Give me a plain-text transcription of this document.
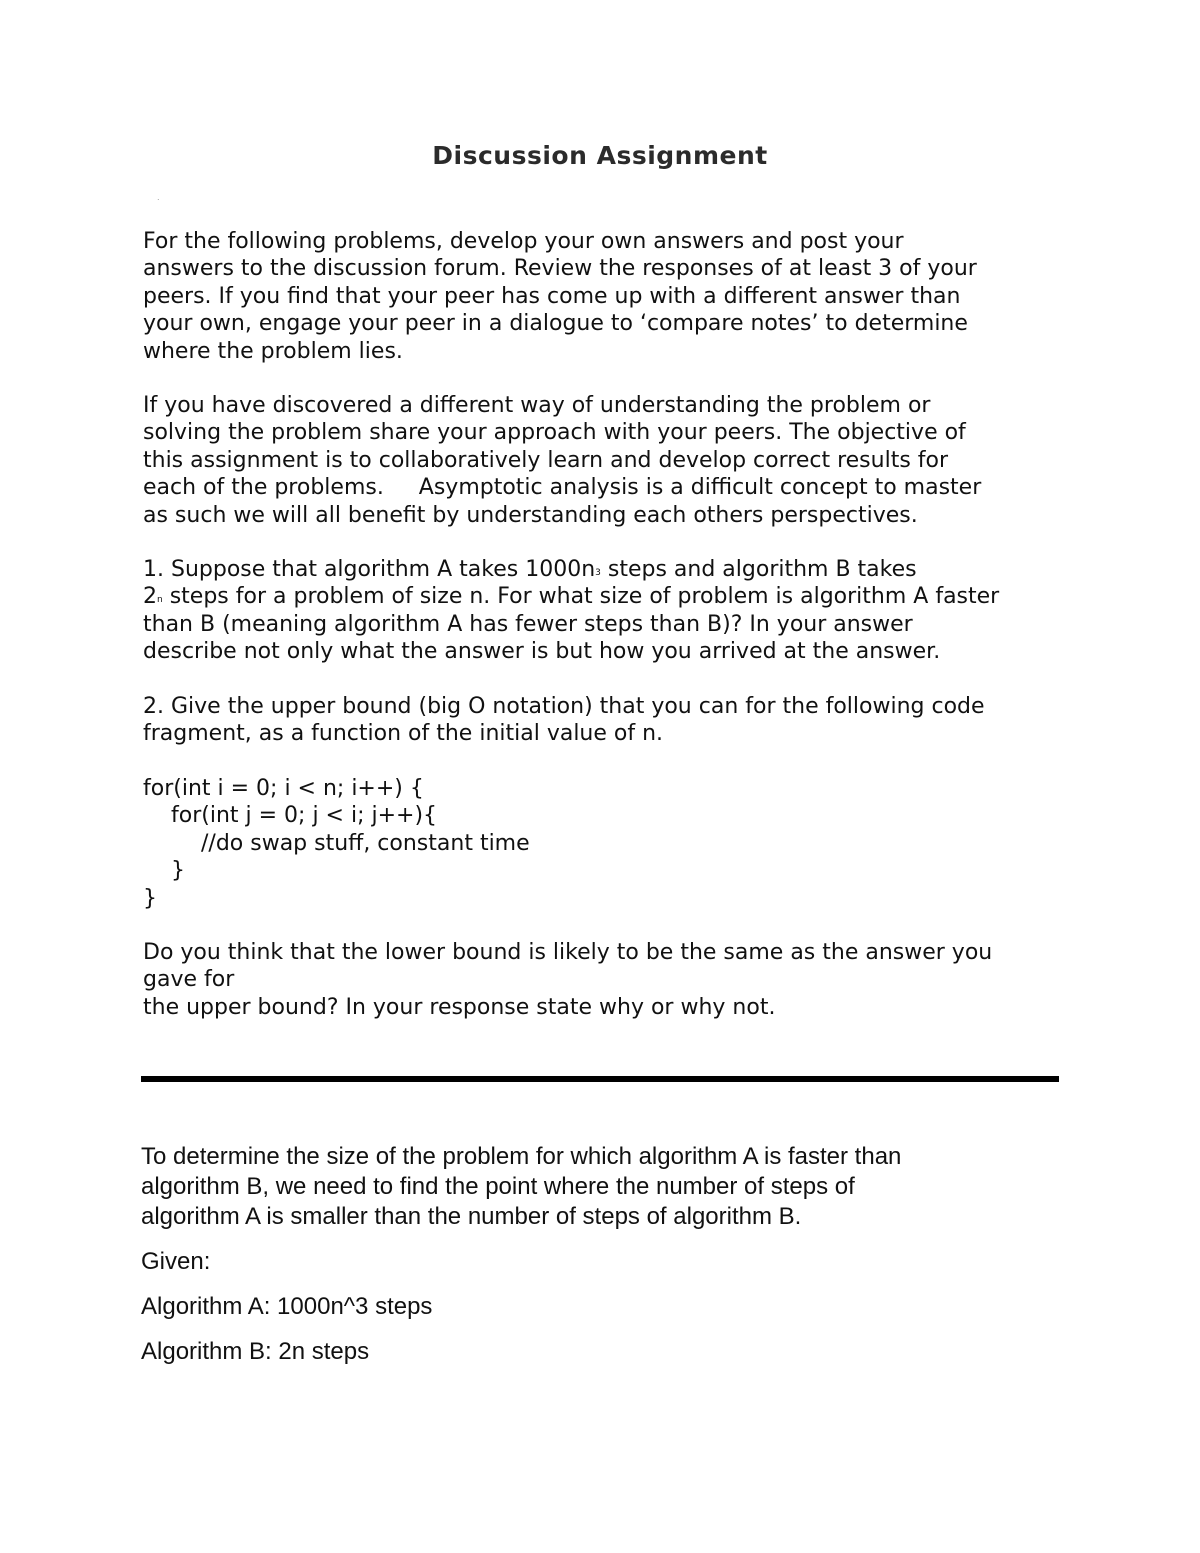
Discussion Assignment
.

For the following problems, develop your own answers and post your

answers to the discussion forum. Review the responses of at least 3 of your

peers. If you find that your peer has come up with a different answer than

your own, engage your peer in a dialogue to ‘compare notes’ to determine

where the problem lies.

If you have discovered a different way of understanding the problem or

solving the problem share your approach with your peers. The objective of

this assignment is to collaboratively learn and develop correct results for

each of the problems.     Asymptotic analysis is a difficult concept to master

as such we will all benefit by understanding each others perspectives.

1. Suppose that algorithm A takes $1000n^3$ steps and algorithm B takes

2$^n$ steps for a problem of size n. For what size of problem is algorithm A faster

than B (meaning algorithm A has fewer steps than B)? In your answer

describe not only what the answer is but how you arrived at the answer.

2. Give the upper bound (big O notation) that you can for the following code

fragment, as a function of the initial value of n.

for(int i = 0; i < n; i++) {

for(int j = 0; j < i; j++){

//do swap stuff, constant time

}

}

Do you think that the lower bound is likely to be the same as the answer you

gave for

the upper bound? In your response state why or why not.

To determine the size of the problem for which algorithm A is faster than

algorithm B, we need to find the point where the number of steps of

algorithm A is smaller than the number of steps of algorithm B.

Given:
Algorithm A: 1000n^3 steps
Algorithm B: 2n steps
